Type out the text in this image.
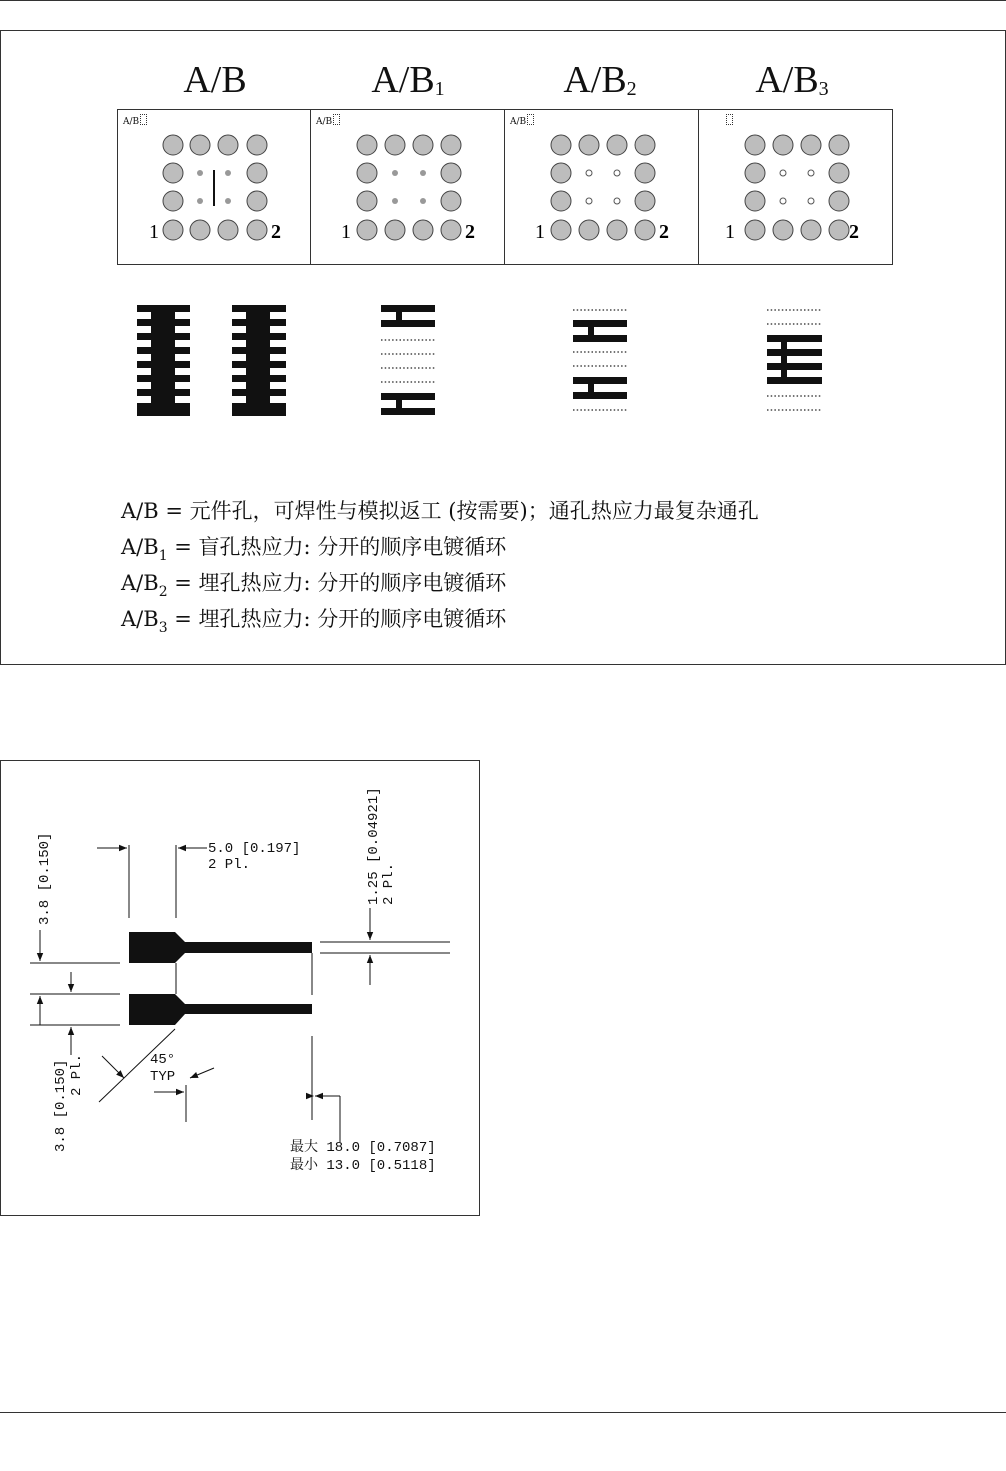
A/B	$A/B_1$	$A/B_2$	$A/B_3$
A/B
1	2
A/B
1	2
A/B
1	2	1	2
A/B = 元件孔，可焊性与模拟返工 (按需要)；通孔热应力最复杂通孔
$A/B_1$ = 盲孔热应力: 分开的顺序电镀循环
$A/B_2$ = 埋孔热应力: 分开的顺序电镀循环
$A/B_3$ = 埋孔热应力: 分开的顺序电镀循环
5.0 [0.197]
2 Pl.
3.8 [0.150]	1.25 [0.04921] 2 Pl.
3.8 [0.150] 2 Pl.	45°
TYP
最大 18.0 [0.7087]
最小 13.0 [0.5118]
